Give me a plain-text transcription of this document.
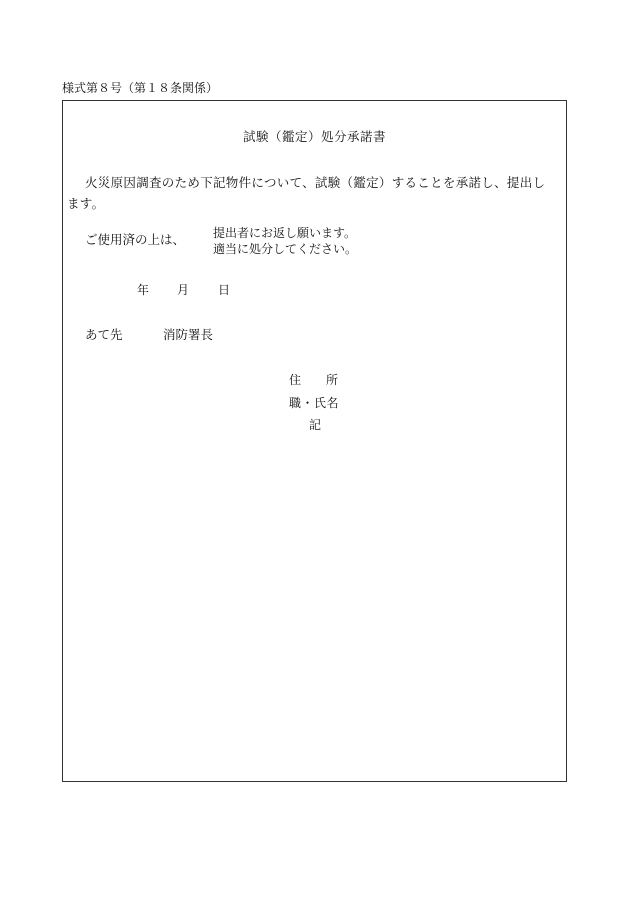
様式第８号（第１８条関係）
試験（鑑定）処分承諾書
火災原因調査のため下記物件について、試験（鑑定）することを承諾し、提出し
ます。
ご使用済の上は、 提出者にお返し願います。
適当に処分してください。
年 月 日
あて先	消防署長
住 所
職・氏名
記
